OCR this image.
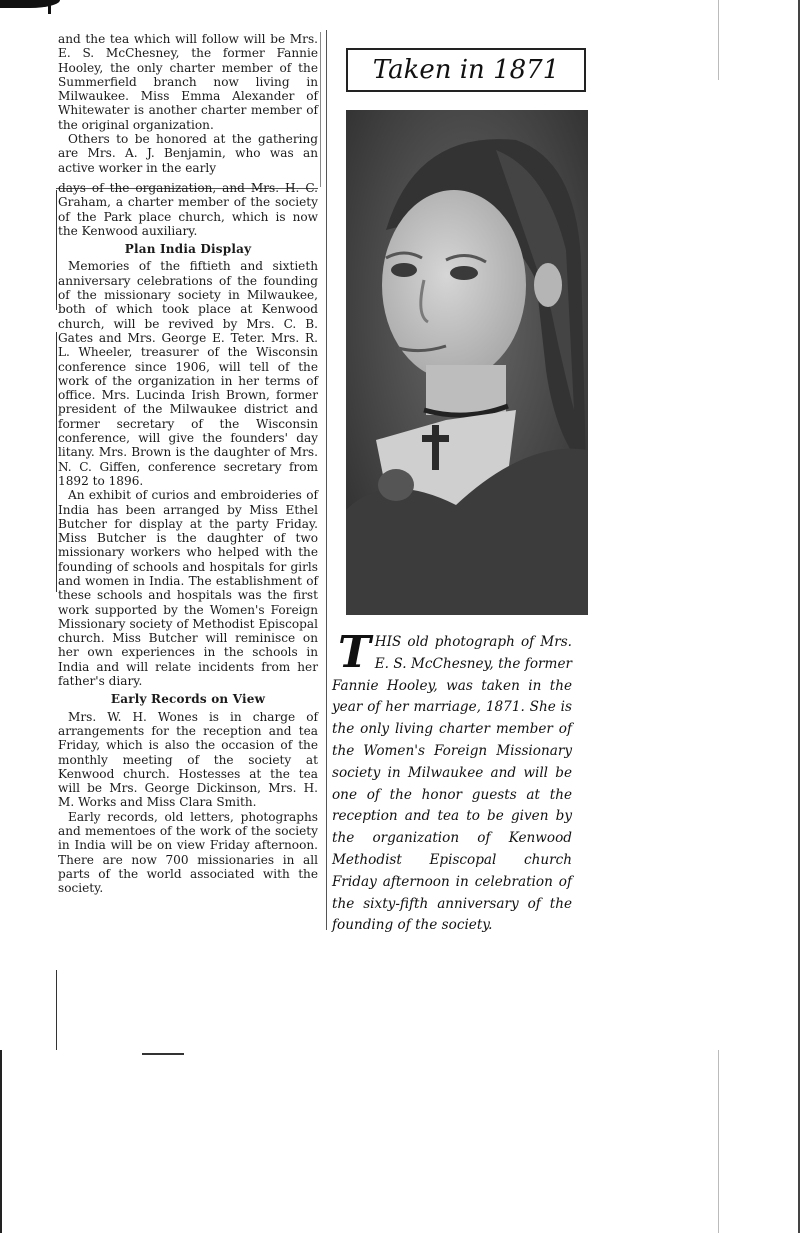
and the tea which will follow will be Mrs. E. S. McChesney, the former Fannie Hooley, the only charter member of the Summerfield branch now living in Milwaukee. Miss Emma Alexander of Whitewater is another charter member of the original organization.

Others to be honored at the gathering are Mrs. A. J. Benjamin, who was an active worker in the early

days of the organization, and Mrs. H. C. Graham, a charter member of the society of the Park place church, which is now the Kenwood auxiliary.

Plan India Display

Memories of the fiftieth and sixtieth anniversary celebrations of the founding of the missionary society in Milwaukee, both of which took place at Kenwood church, will be revived by Mrs. C. B. Gates and Mrs. George E. Teter. Mrs. R. L. Wheeler, treasurer of the Wisconsin conference since 1906, will tell of the work of the organization in her terms of office. Mrs. Lucinda Irish Brown, former president of the Milwaukee district and former secretary of the Wisconsin conference, will give the founders' day litany. Mrs. Brown is the daughter of Mrs. N. C. Giffen, conference secretary from 1892 to 1896.

An exhibit of curios and embroideries of India has been arranged by Miss Ethel Butcher for display at the party Friday. Miss Butcher is the daughter of two missionary workers who helped with the founding of schools and hospitals for girls and women in India. The establishment of these schools and hospitals was the first work supported by the Women's Foreign Missionary society of Methodist Episcopal church. Miss Butcher will reminisce on her own experiences in the schools in India and will relate incidents from her father's diary.

Early Records on View

Mrs. W. H. Wones is in charge of arrangements for the reception and tea Friday, which is also the occasion of the monthly meeting of the society at Kenwood church. Hostesses at the tea will be Mrs. George Dickinson, Mrs. H. M. Works and Miss Clara Smith.

Early records, old letters, photographs and mementoes of the work of the society in India will be on view Friday afternoon. There are now 700 missionaries in all parts of the world associated with the society.

Taken in 1871
THIS old photograph of Mrs. E. S. McChesney, the former Fannie Hooley, was taken in the year of her marriage, 1871. She is the only living charter member of the Women's Foreign Missionary society in Milwaukee and will be one of the honor guests at the reception and tea to be given by the organization of Kenwood Methodist Episcopal church Friday afternoon in celebration of the sixty-fifth anniversary of the founding of the society.
